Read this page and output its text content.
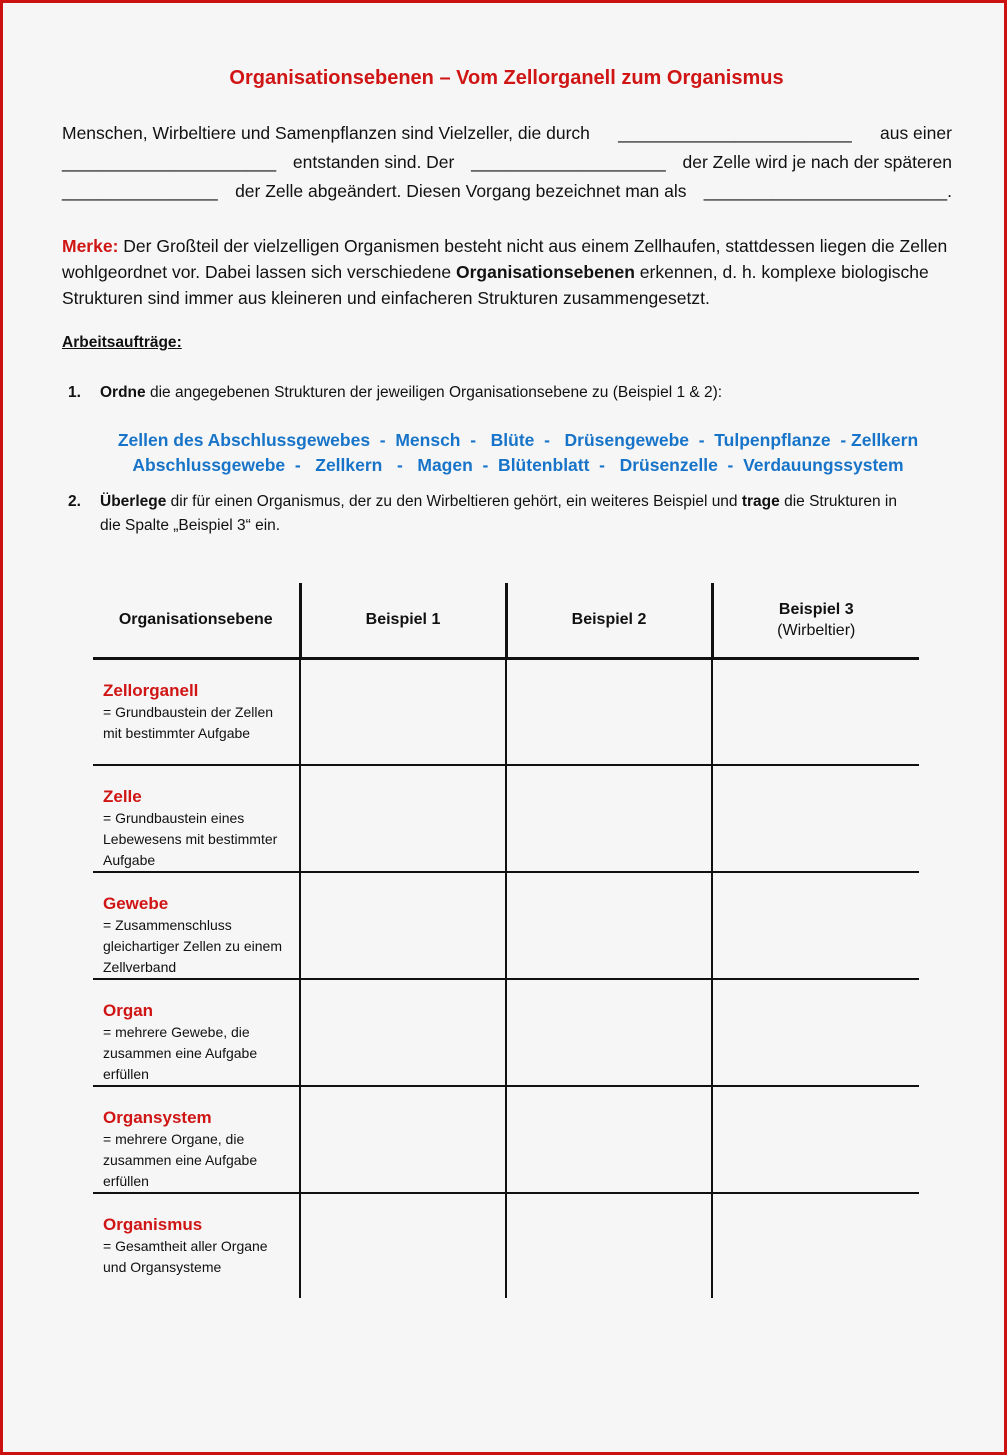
Organisationsebenen – Vom Zellorganell zum Organismus
Menschen, Wirbeltiere und Samenpflanzen sind Vielzeller, die durch ________________________ aus einer
______________________ entstanden sind. Der ____________________ der Zelle wird je nach der späteren
________________ der Zelle abgeändert. Diesen Vorgang bezeichnet man als _________________________.
Merke: Der Großteil der vielzelligen Organismen besteht nicht aus einem Zellhaufen, stattdessen liegen die Zellen wohlgeordnet vor. Dabei lassen sich verschiedene Organisationsebenen erkennen, d. h. komplexe biologische Strukturen sind immer aus kleineren und einfacheren Strukturen zusammengesetzt.
Arbeitsaufträge:
1. Ordne die angegebenen Strukturen der jeweiligen Organisationsebene zu (Beispiel 1 & 2):
Zellen des Abschlussgewebes  -  Mensch  -   Blüte  -   Drüsengewebe  -  Tulpenpflanze  - Zellkern
Abschlussgewebe  -   Zellkern   -   Magen  -  Blütenblatt  -   Drüsenzelle  -  Verdauungssystem
2. Überlege dir für einen Organismus, der zu den Wirbeltieren gehört, ein weiteres Beispiel und trage die Strukturen in die Spalte „Beispiel 3“ ein.
Organisationsebene	Beispiel 1	Beispiel 2	Beispiel 3
(Wirbeltier)

Zellorganell
= Grundbaustein der Zellen mit bestimmter Aufgabe			

Zelle
= Grundbaustein eines Lebewesens mit bestimmter Aufgabe			

Gewebe
= Zusammenschluss gleichartiger Zellen zu einem Zellverband			

Organ
= mehrere Gewebe, die zusammen eine Aufgabe erfüllen			

Organsystem
= mehrere Organe, die zusammen eine Aufgabe erfüllen			

Organismus
= Gesamtheit aller Organe und Organsysteme			
